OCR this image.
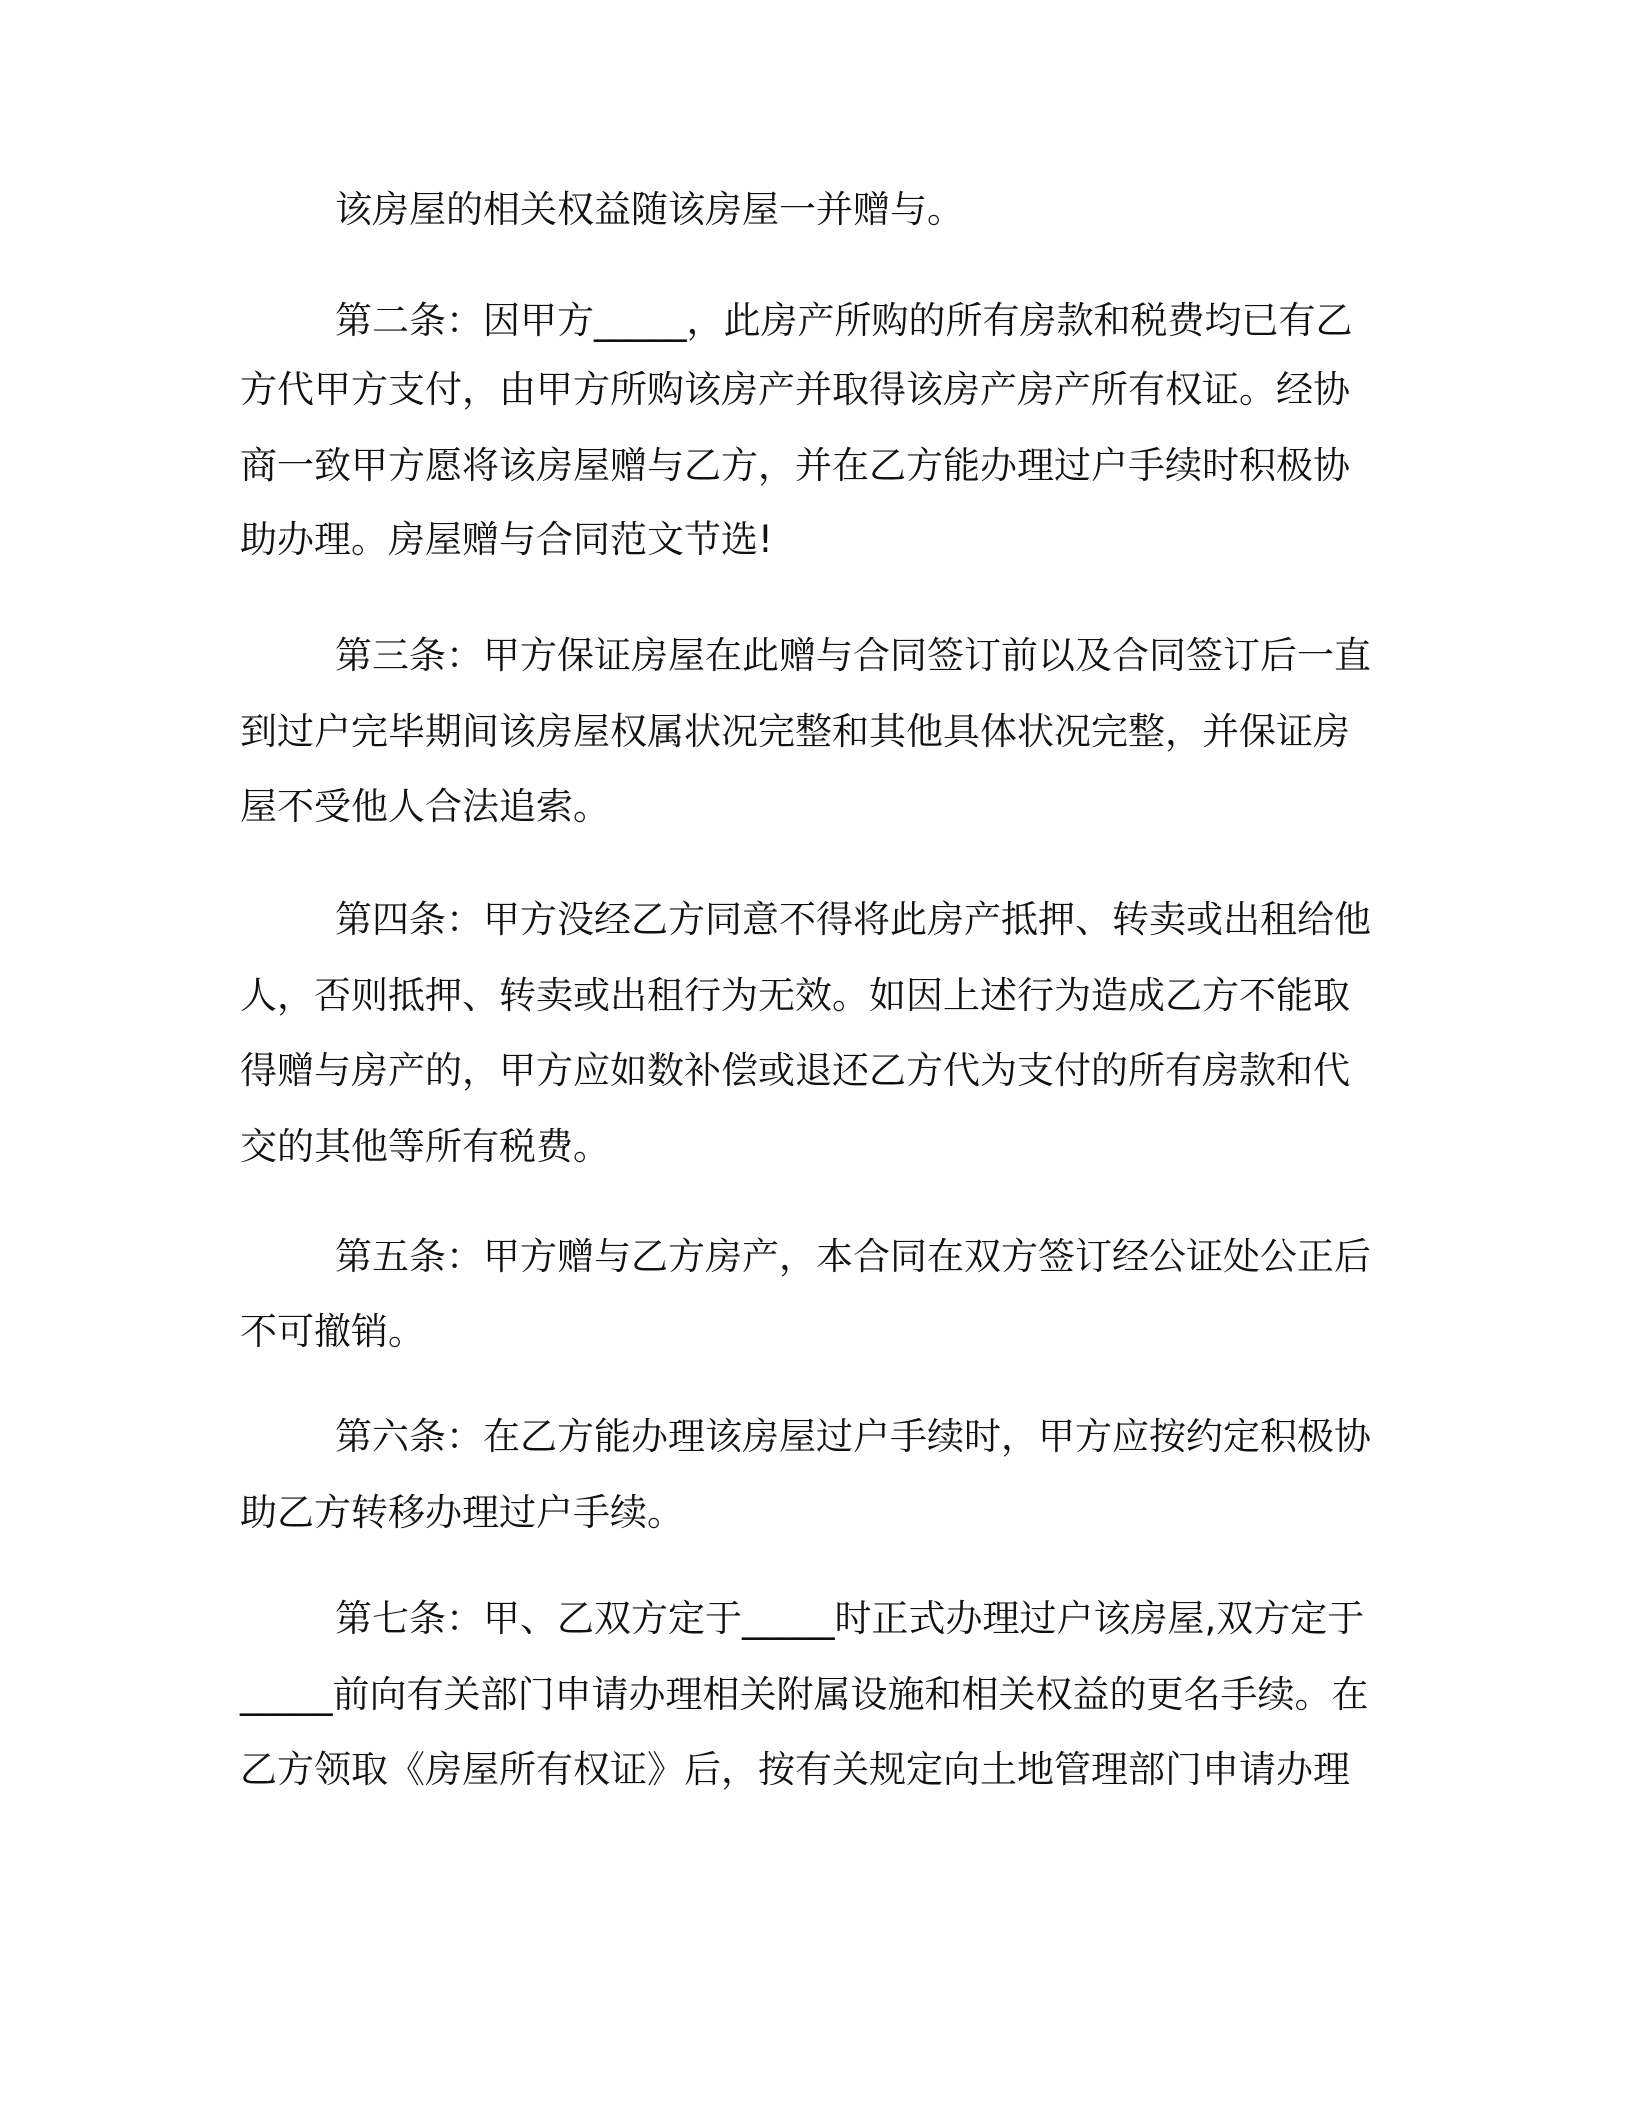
该房屋的相关权益随该房屋一并赠与。
第二条：因甲方_____，此房产所购的所有房款和税费均已有乙
方代甲方支付，由甲方所购该房产并取得该房产房产所有权证。经协
商一致甲方愿将该房屋赠与乙方，并在乙方能办理过户手续时积极协
助办理。房屋赠与合同范文节选!
第三条：甲方保证房屋在此赠与合同签订前以及合同签订后一直
到过户完毕期间该房屋权属状况完整和其他具体状况完整，并保证房
屋不受他人合法追索。
第四条：甲方没经乙方同意不得将此房产抵押、转卖或出租给他
人，否则抵押、转卖或出租行为无效。如因上述行为造成乙方不能取
得赠与房产的，甲方应如数补偿或退还乙方代为支付的所有房款和代
交的其他等所有税费。
第五条：甲方赠与乙方房产，本合同在双方签订经公证处公正后
不可撤销。
第六条：在乙方能办理该房屋过户手续时，甲方应按约定积极协
助乙方转移办理过户手续。
第七条：甲、乙双方定于_____时正式办理过户该房屋,双方定于
_____前向有关部门申请办理相关附属设施和相关权益的更名手续。在
乙方领取《房屋所有权证》后，按有关规定向土地管理部门申请办理
